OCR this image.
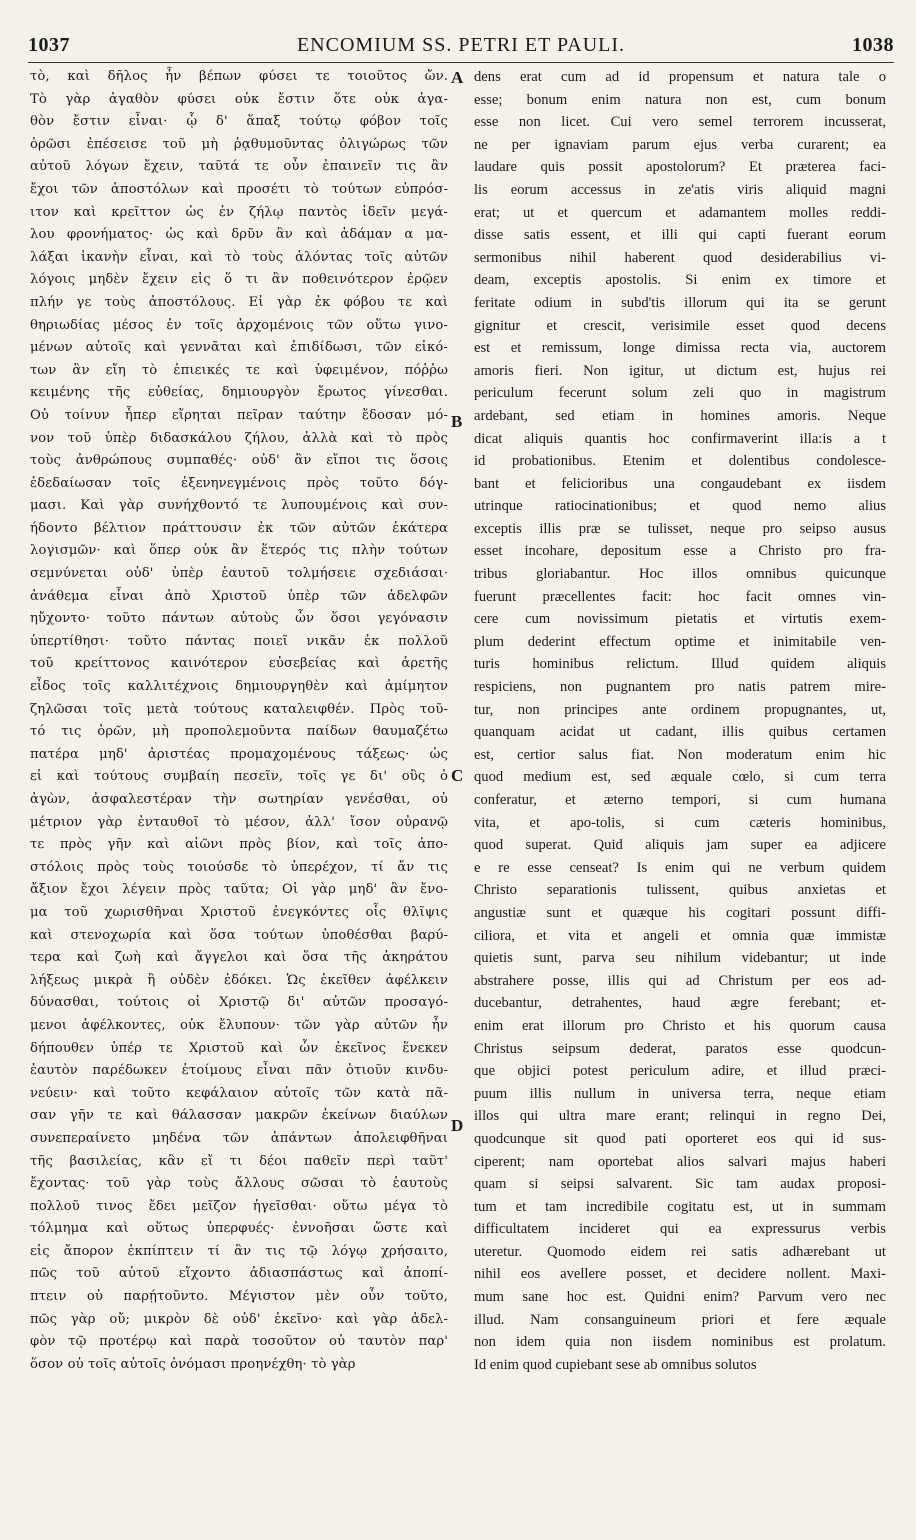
1037	ENCOMIUM SS. PETRI ET PAULI.	1038
τὸ, καὶ δῆλος ἦν βέπων φύσει τε τοιοῦτος ὤν.
Τὸ γὰρ ἀγαθὸν φύσει οὐκ ἔστιν ὅτε οὐκ ἀγα-
θὸν ἔστιν εἶναι· ᾧ δ' ἅπαξ τούτῳ φόβον τοῖς
ὁρῶσι ἐπέσεισε τοῦ μὴ ῥᾳθυμοῦντας ὀλιγώρως τῶν
αὐτοῦ λόγων ἔχειν, ταῦτά τε οὖν ἐπαινεῖν τις ἂν
ἔχοι τῶν ἀποστόλων καὶ προσέτι τὸ τούτων εὐπρόσ-
ιτον καὶ κρεῖττον ὡς ἐν ζήλῳ παντὸς ἰδεῖν μεγά-
λου φρονήματος· ὡς καὶ δρῦν ἂν καὶ ἀδάμαν α μα-
λάξαι ἱκανὴν εἶναι, καὶ τὸ τοὺς ἁλόντας τοῖς αὐτῶν
λόγοις μηδὲν ἔχειν εἰς ὅ τι ἂν ποθεινότερον ἐρῷεν
πλήν γε τοὺς ἀποστόλους. Εἰ γὰρ ἐκ φόβου τε καὶ
θηριωδίας μέσος ἐν τοῖς ἀρχομένοις τῶν οὕτω γινο-
μένων αὐτοῖς καὶ γεννᾶται καὶ ἐπιδίδωσι, τῶν εἰκό-
των ἂν εἴη τὸ ἐπιεικές τε καὶ ὑφειμένον, πόῤῥω
κειμένης τῆς εὐθείας, δημιουργὸν ἔρωτος γίνεσθαι.
Οὐ τοίνυν ἧπερ εἴρηται πεῖραν ταύτην ἔδοσαν μό-
νον τοῦ ὑπὲρ διδασκάλου ζήλου, ἀλλὰ καὶ τὸ πρὸς
τοὺς ἀνθρώπους συμπαθές· οὐδ' ἂν εἴποι τις ὅσοις
ἐδεδαίωσαν τοῖς ἐξενηνεγμένοις πρὸς τοῦτο δόγ-
μασι. Καὶ γὰρ συνήχθοντό τε λυπουμένοις καὶ συν-
ήδοντο βέλτιον πράττουσιν ἐκ τῶν αὐτῶν ἑκάτερα
λογισμῶν· καὶ ὅπερ οὐκ ἂν ἕτερός τις πλὴν τούτων
σεμνύνεται οὐδ' ὑπὲρ ἑαυτοῦ τολμήσειε σχεδιάσαι·
ἀνάθεμα εἶναι ἀπὸ Χριστοῦ ὑπὲρ τῶν ἀδελφῶν
ηὔχοντο· τοῦτο πάντων αὐτοὺς ὧν ὅσοι γεγόνασιν
ὑπερτίθησι· τοῦτο πάντας ποιεῖ νικᾶν ἐκ πολλοῦ
τοῦ κρείττονος καινότερον εὐσεβείας καὶ ἀρετῆς
εἶδος τοῖς καλλιτέχνοις δημιουργηθὲν καὶ ἀμίμητον
ζηλῶσαι τοῖς μετὰ τούτους καταλειφθέν. Πρὸς τοῦ-
τό τις ὁρῶν, μὴ προπολεμοῦντα παίδων θαυμαζέτω
πατέρα μηδ' ἀριστέας προμαχομένους τάξεως· ὡς
εἰ καὶ τούτους συμβαίη πεσεῖν, τοῖς γε δι' οὓς ὁ
ἀγὼν, ἀσφαλεστέραν τὴν σωτηρίαν γενέσθαι, οὐ
μέτριον γὰρ ἐνταυθοῖ τὸ μέσον, ἀλλ' ἴσον οὐρανῷ
τε πρὸς γῆν καὶ αἰῶνι πρὸς βίον, καὶ τοῖς ἀπο-
στόλοις πρὸς τοὺς τοιούσδε τὸ ὑπερέχον, τί ἄν τις
ἄξιον ἔχοι λέγειν πρὸς ταῦτα; Οἱ γὰρ μηδ' ἂν ἔνο-
μα τοῦ χωρισθῆναι Χριστοῦ ἐνεγκόντες οἷς θλῖψις
καὶ στενοχωρία καὶ ὅσα τούτων ὑποθέσθαι βαρύ-
τερα καὶ ζωὴ καὶ ἄγγελοι καὶ ὅσα τῆς ἀκηράτου
λήξεως μικρὰ ἢ οὐδὲν ἐδόκει. Ὡς ἐκεῖθεν ἀφέλκειν
δύνασθαι, τούτοις οἱ Χριστῷ δι' αὐτῶν προσαγό-
μενοι ἀφέλκοντες, οὐκ ἔλυπουν· τῶν γὰρ αὐτῶν ἦν
δήπουθεν ὑπέρ τε Χριστοῦ καὶ ὧν ἐκεῖνος ἕνεκεν
ἑαυτὸν παρέδωκεν ἑτοίμους εἶναι πᾶν ὁτιοῦν κινδυ-
νεύειν· καὶ τοῦτο κεφάλαιον αὐτοῖς τῶν κατὰ πᾶ-
σαν γῆν τε καὶ θάλασσαν μακρῶν ἐκείνων διαύλων
συνεπεραίνετο μηδένα τῶν ἁπάντων ἀπολειφθῆναι
τῆς βασιλείας, κἂν εἴ τι δέοι παθεῖν περὶ ταῦτ'
ἔχοντας· τοῦ γὰρ τοὺς ἄλλους σῶσαι τὸ ἑαυτοὺς
πολλοῦ τινος ἔδει μεῖζον ἡγεῖσθαι· οὕτω μέγα τὸ
τόλμημα καὶ οὕτως ὑπερφυές· ἐννοῆσαι ὥστε καὶ
εἰς ἄπορον ἐκπίπτειν τί ἂν τις τῷ λόγῳ χρήσαιτο,
πῶς τοῦ αὐτοῦ εἴχοντο ἀδιασπάστως καὶ ἀποπί-
πτειν οὐ παρῄτοῦντο. Μέγιστον μὲν οὖν τοῦτο,
πῶς γὰρ οὔ; μικρὸν δὲ οὐδ' ἐκεῖνο· καὶ γὰρ ἀδελ-
φὸν τῷ προτέρῳ καὶ παρὰ τοσοῦτον οὐ ταυτὸν παρ'
ὅσον οὐ τοῖς αὐτοῖς ὀνόμασι προηνέχθη· τὸ γὰρ
dens erat cum ad id propensum et natura tale o
esse; bonum enim natura non est, cum bonum
esse non licet. Cui vero semel terrorem incusserat,
ne per ignaviam parum ejus verba curarent; ea
laudare quis possit apostolorum? Et præterea faci-
lis eorum accessus in ze'atis viris aliquid magni
erat; ut et quercum et adamantem molles reddi-
disse satis essent, et illi qui capti fuerant eorum
sermonibus nihil haberent quod desiderabilius vi-
deam, exceptis apostolis. Si enim ex timore et
feritate odium in subd'tis illorum qui ita se gerunt
gignitur et crescit, verisimile esset quod decens
est et remissum, longe dimissa recta via, auctorem
amoris fieri. Non igitur, ut dictum est, hujus rei
periculum fecerunt solum zeli quo in magistrum
ardebant, sed etiam in homines amoris. Neque
dicat aliquis quantis hoc confirmaverint illa:is a t
id probationibus. Etenim et dolentibus condolesce-
bant et felicioribus una congaudebant ex iisdem
utrinque ratiocinationibus; et quod nemo alius
exceptis illis præ se tulisset, neque pro seipso ausus
esset incohare, depositum esse a Christo pro fra-
tribus gloriabantur. Hoc illos omnibus quicunque
fuerunt præcellentes facit: hoc facit omnes vin-
cere cum novissimum pietatis et virtutis exem-
plum dederint effectum optime et inimitabile ven-
turis hominibus relictum. Illud quidem aliquis
respiciens, non pugnantem pro natis patrem mire-
tur, non principes ante ordinem propugnantes, ut,
quanquam acidat ut cadant, illis quibus certamen
est, certior salus fiat. Non moderatum enim hic
quod medium est, sed æquale cœlo, si cum terra
conferatur, et æterno tempori, si cum humana
vita, et apo-tolis, si cum cæteris hominibus,
quod superat. Quid aliquis jam super ea adjicere
e re esse censeat? Is enim qui ne verbum quidem
Christo separationis tulissent, quibus anxietas et
angustiæ sunt et quæque his cogitari possunt diffi-
ciliora, et vita et angeli et omnia quæ immistæ
quietis sunt, parva seu nihilum videbantur; ut inde
abstrahere posse, illis qui ad Christum per eos ad-
ducebantur, detrahentes, haud ægre ferebant; et-
enim erat illorum pro Christo et his quorum causa
Christus seipsum dederat, paratos esse quodcun-
que objici potest periculum adire, et illud præci-
puum illis nullum in universa terra, neque etiam
illos qui ultra mare erant; relinqui in regno Dei,
quodcunque sit quod pati oporteret eos qui id sus-
ciperent; nam oportebat alios salvari majus haberi
quam si seipsi salvarent. Sic tam audax proposi-
tum et tam incredibile cogitatu est, ut in summam
difficultatem incideret qui ea expressurus verbis
uteretur. Quomodo eidem rei satis adhærebant ut
nihil eos avellere posset, et decidere nollent. Maxi-
mum sane hoc est. Quidni enim? Parvum vero nec
illud. Nam consanguineum priori et fere æquale
non idem quia non iisdem nominibus est prolatum.
Id enim quod cupiebant sese ab omnibus solutos
A
B
C
D
